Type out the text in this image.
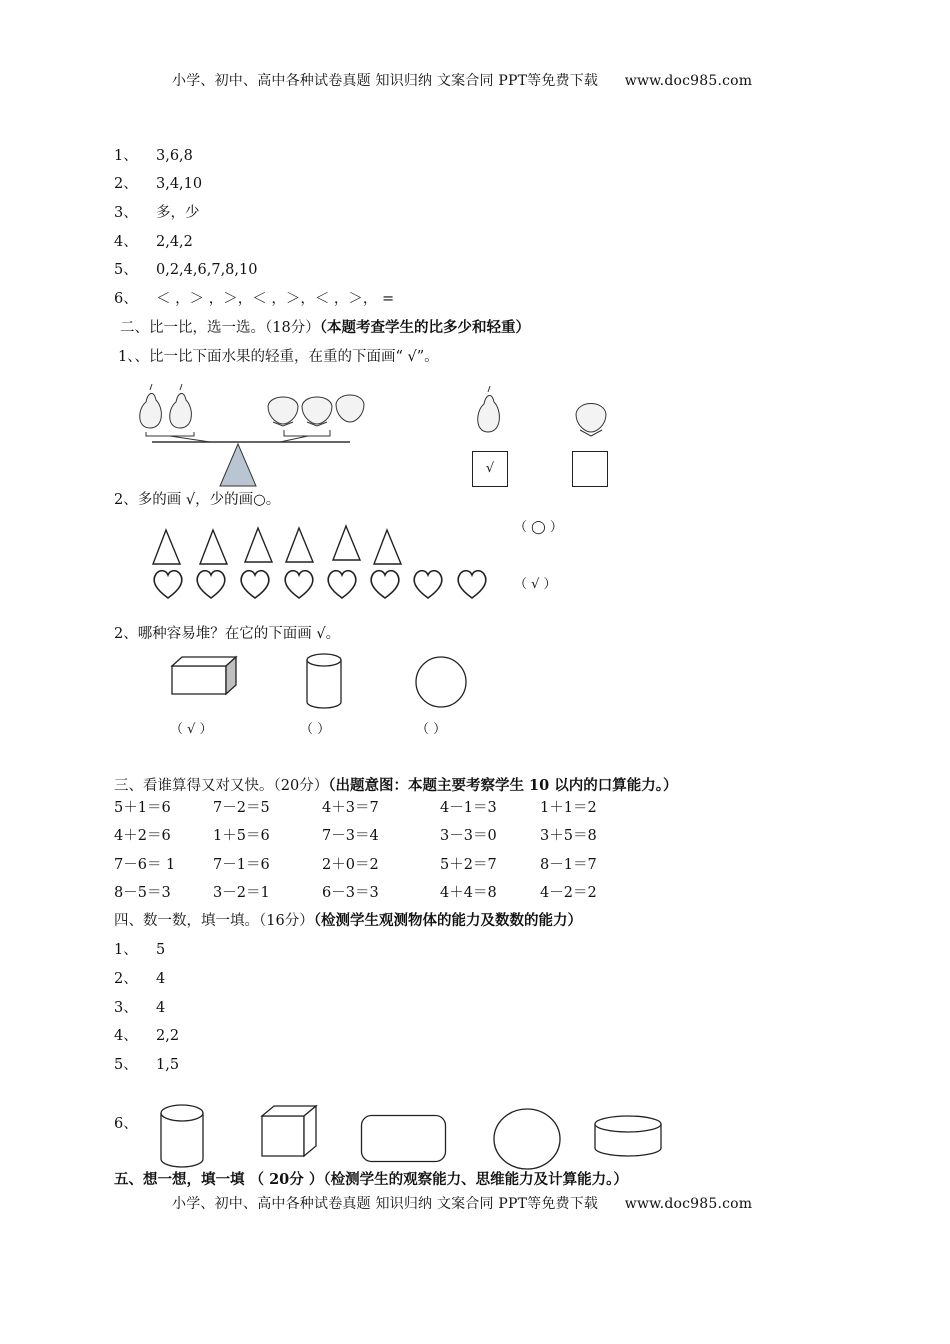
小学、初中、高中各种试卷真题 知识归纳 文案合同 PPT等免费下载 www.doc985.com
1、 3,6,8
2、 3,4,10
3、 多，少
4、 2,4,2
5、 0,2,4,6,7,8,10
6、 ＜ ，＞ ，＞，＜ ，＞，＜ ，＞， =
二、比一比，选一选。（18分）（本题考查学生的比多少和轻重）
1、、比一比下面水果的轻重，在重的下面画“ √”。
√
2、多的画 √，少的画○。
（ ◯ ）
（ √ ）
2、哪种容易堆？在它的下面画 √。
（ √ ）	（ ）	（ ）
三、看谁算得又对又快。（20分）（出题意图：本题主要考察学生 10 以内的口算能力。）
5＋1＝6	7－2＝5	4＋3＝7	4－1＝3	1＋1＝2
4＋2＝6	1＋5＝6	7－3＝4	3－3＝0	3＋5＝8
7－6＝ 1	7－1＝6	2＋0＝2	5＋2＝7	8－1＝7
8－5＝3	3－2＝1	6－3＝3	4＋4＝8	4－2＝2
四、数一数，填一填。（16分）（检测学生观测物体的能力及数数的能力）
1、 5
2、 4
3、 4
4、 2,2
5、 1,5
6、
五、想一想，填一填 （ 20分 ）（检测学生的观察能力、思维能力及计算能力。）
小学、初中、高中各种试卷真题 知识归纳 文案合同 PPT等免费下载 www.doc985.com
